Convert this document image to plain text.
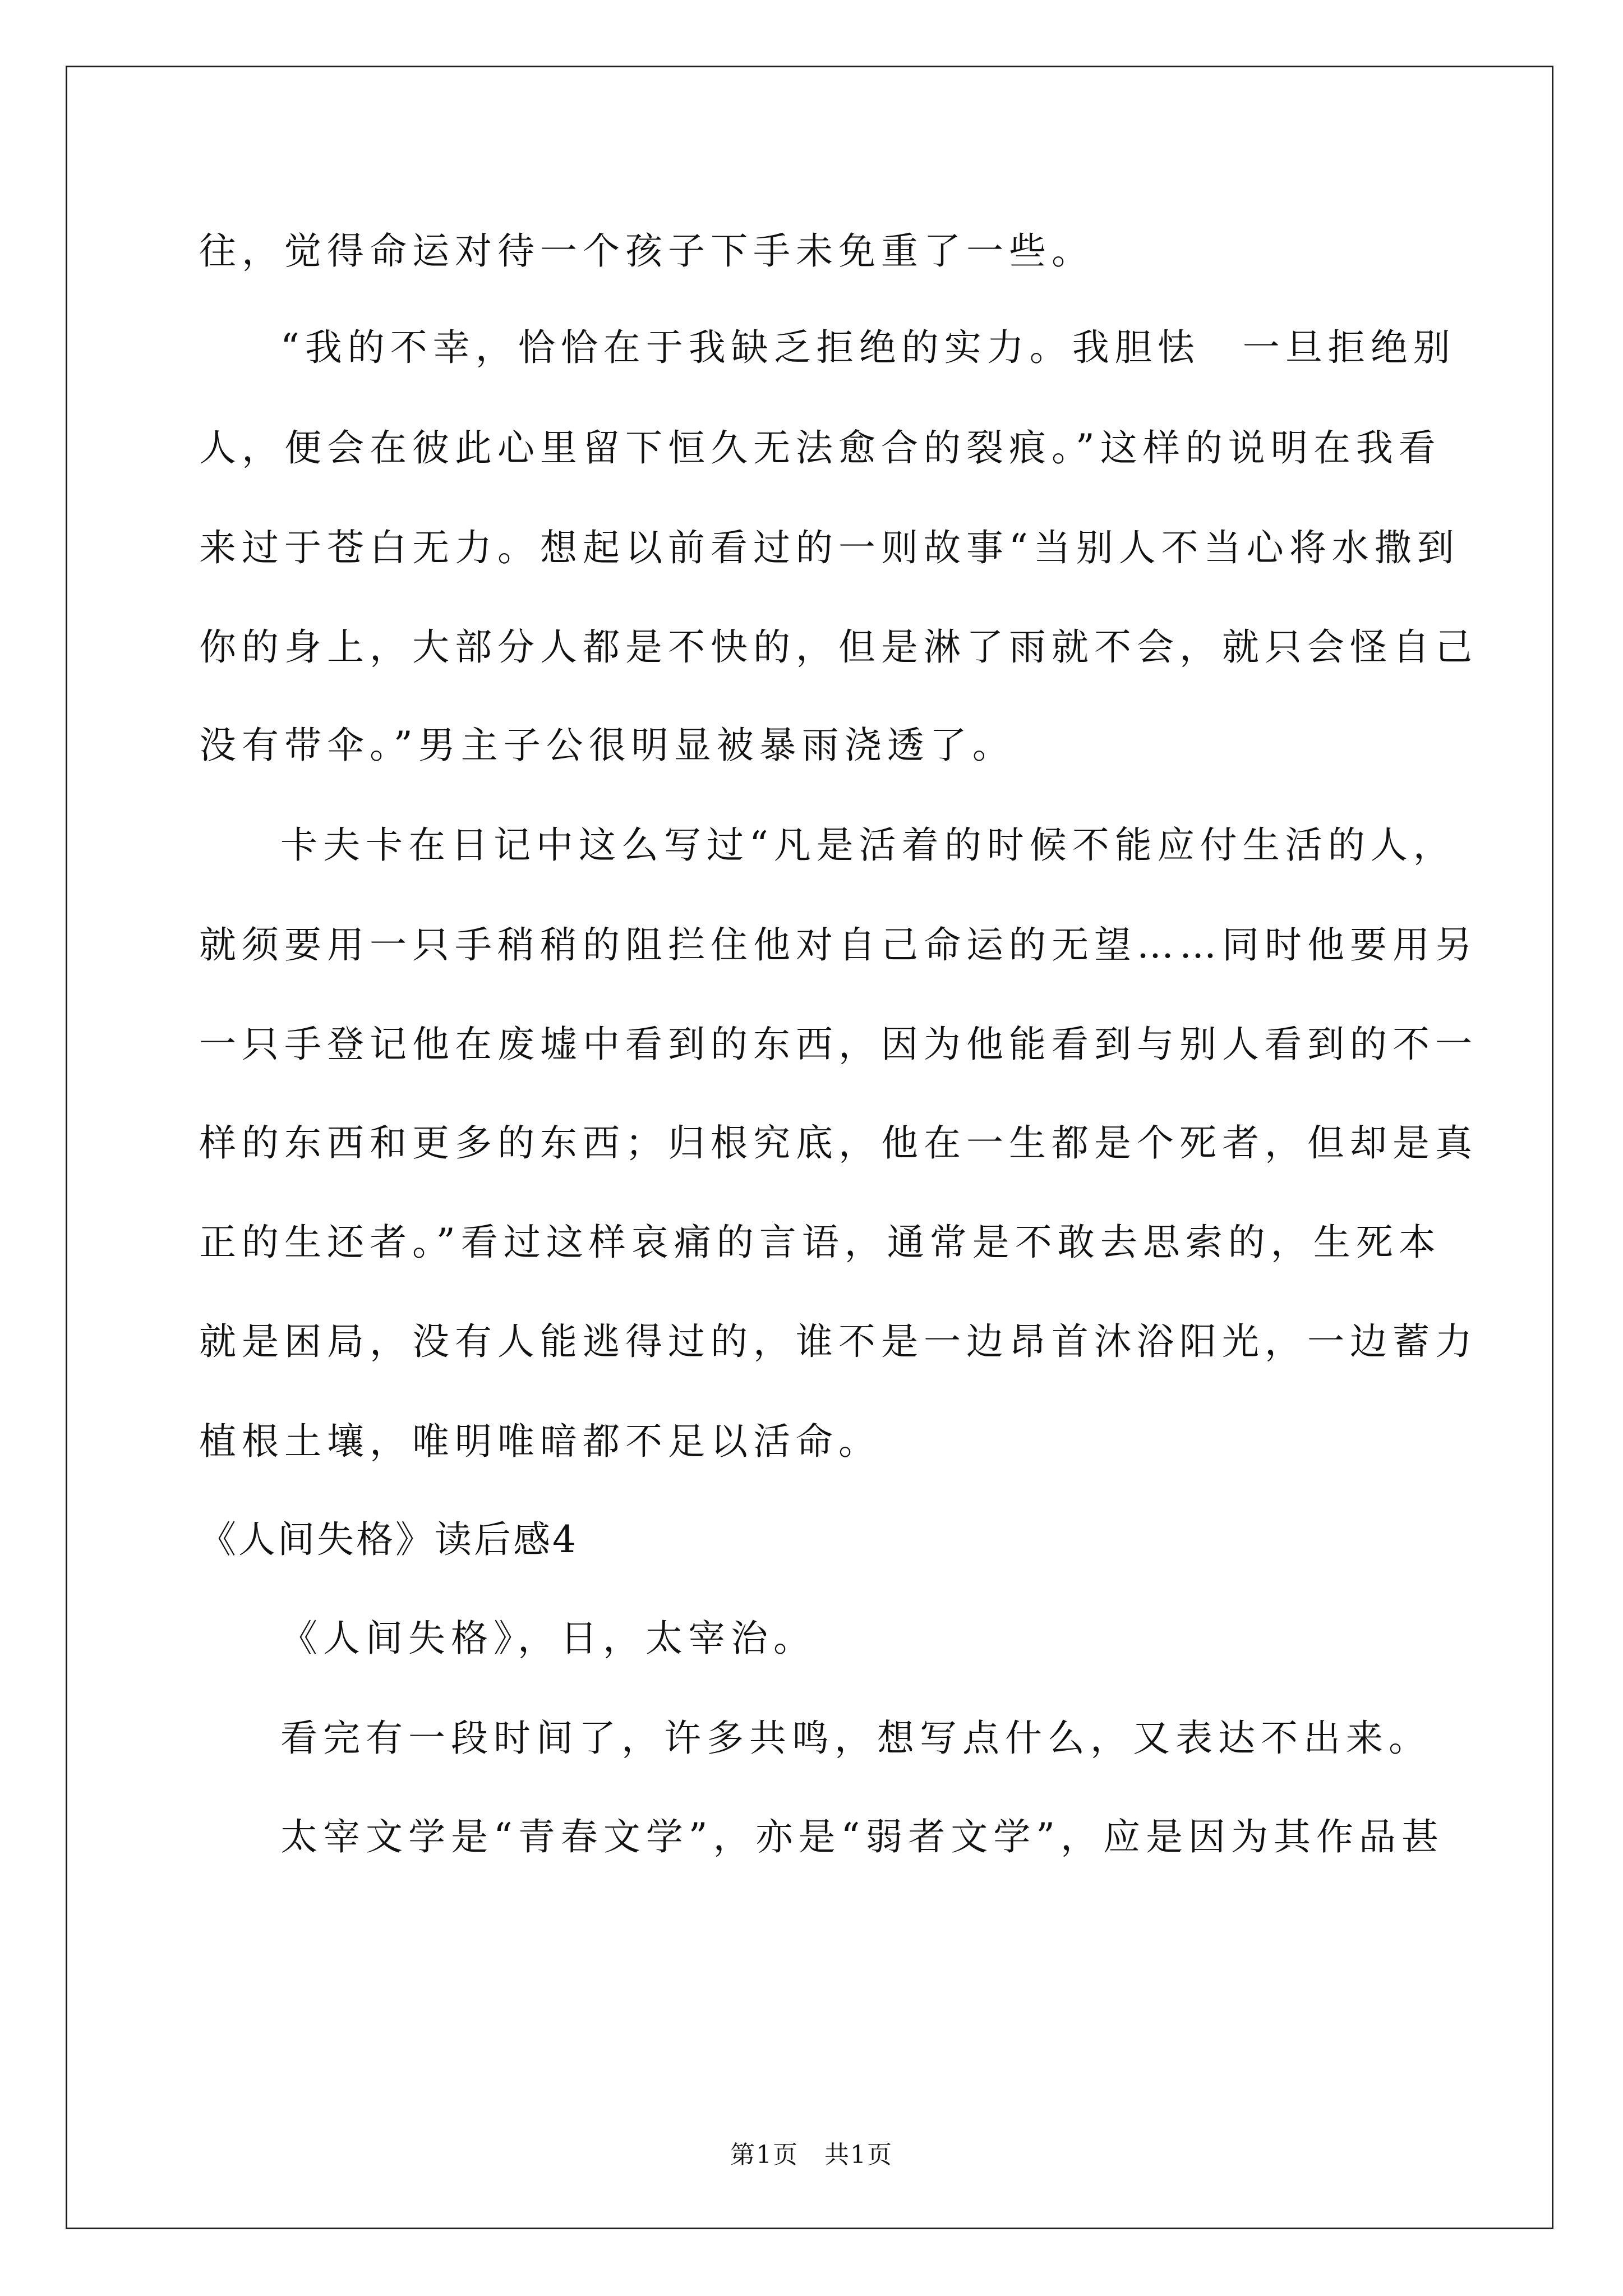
往，觉得命运对待一个孩子下手未免重了一些。
“我的不幸，恰恰在于我缺乏拒绝的实力。我胆怯　一旦拒绝别
人，便会在彼此心里留下恒久无法愈合的裂痕。”这样的说明在我看
来过于苍白无力。想起以前看过的一则故事“当别人不当心将水撒到
你的身上，大部分人都是不快的，但是淋了雨就不会，就只会怪自己
没有带伞。”男主子公很明显被暴雨浇透了。
卡夫卡在日记中这么写过“凡是活着的时候不能应付生活的人，
就须要用一只手稍稍的阻拦住他对自己命运的无望……同时他要用另
一只手登记他在废墟中看到的东西，因为他能看到与别人看到的不一
样的东西和更多的东西；归根究底，他在一生都是个死者，但却是真
正的生还者。”看过这样哀痛的言语，通常是不敢去思索的，生死本
就是困局，没有人能逃得过的，谁不是一边昂首沐浴阳光，一边蓄力
植根土壤，唯明唯暗都不足以活命。
《人间失格》读后感4
《人间失格》，日，太宰治。
看完有一段时间了，许多共鸣，想写点什么，又表达不出来。
太宰文学是“青春文学”，亦是“弱者文学”，应是因为其作品甚
第1页　共1页
